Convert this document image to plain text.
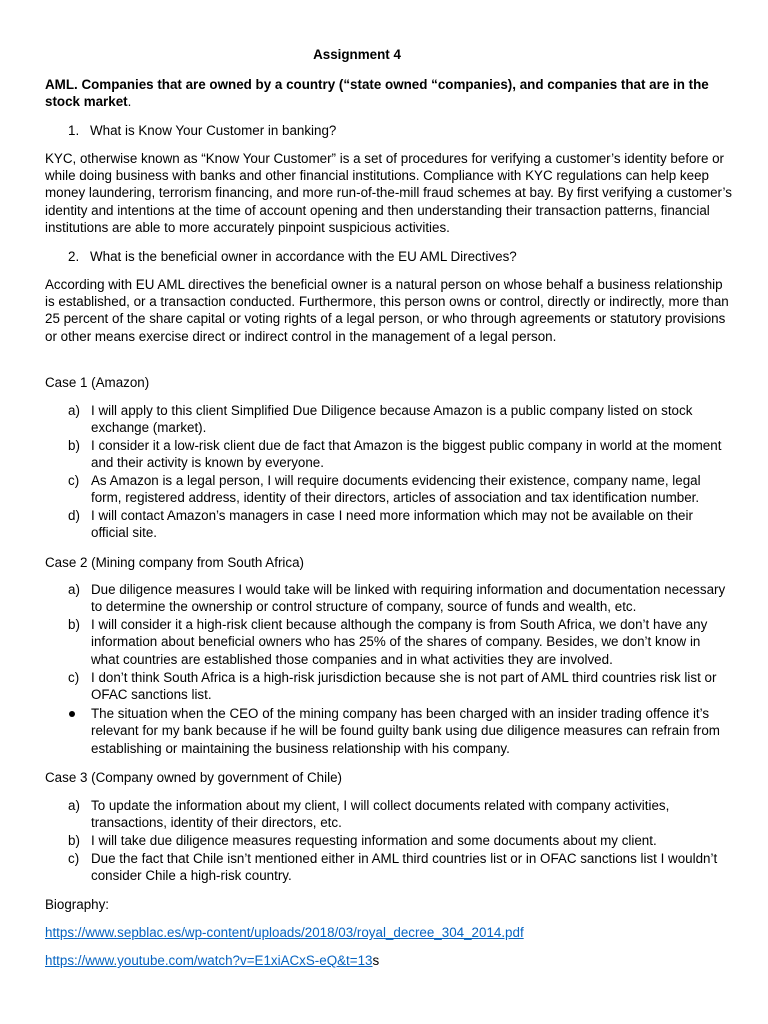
Assignment 4
AML. Companies that are owned by a country (“state owned “companies), and companies that are in the stock market.
1. What is Know Your Customer in banking?
KYC, otherwise known as “Know Your Customer” is a set of procedures for verifying a customer’s identity before or while doing business with banks and other financial institutions. Compliance with KYC regulations can help keep money laundering, terrorism financing, and more run-of-the-mill fraud schemes at bay. By first verifying a customer’s identity and intentions at the time of account opening and then understanding their transaction patterns, financial institutions are able to more accurately pinpoint suspicious activities.
2. What is the beneficial owner in accordance with the EU AML Directives?
According with EU AML directives the beneficial owner is a natural person on whose behalf a business relationship is established, or a transaction conducted. Furthermore, this person owns or control, directly or indirectly, more than 25 percent of the share capital or voting rights of a legal person, or who through agreements or statutory provisions or other means exercise direct or indirect control in the management of a legal person.
Case 1 (Amazon)
a) I will apply to this client Simplified Due Diligence because Amazon is a public company listed on stock exchange (market).
b) I consider it a low-risk client due de fact that Amazon is the biggest public company in world at the moment and their activity is known by everyone.
c) As Amazon is a legal person, I will require documents evidencing their existence, company name, legal form, registered address, identity of their directors, articles of association and tax identification number.
d) I will contact Amazon’s managers in case I need more information which may not be available on their official site.
Case 2 (Mining company from South Africa)
a) Due diligence measures I would take will be linked with requiring information and documentation necessary to determine the ownership or control structure of company, source of funds and wealth, etc.
b) I will consider it a high-risk client because although the company is from South Africa, we don’t have any information about beneficial owners who has 25% of the shares of company. Besides, we don’t know in what countries are established those companies and in what activities they are involved.
c) I don’t think South Africa is a high-risk jurisdiction because she is not part of AML third countries risk list or OFAC sanctions list.
The situation when the CEO of the mining company has been charged with an insider trading offence it’s relevant for my bank because if he will be found guilty bank using due diligence measures can refrain from establishing or maintaining the business relationship with his company.
Case 3 (Company owned by government of Chile)
a) To update the information about my client, I will collect documents related with company activities, transactions, identity of their directors, etc.
b) I will take due diligence measures requesting information and some documents about my client.
c) Due the fact that Chile isn’t mentioned either in AML third countries list or in OFAC sanctions list I wouldn’t consider Chile a high-risk country.
Biography:
https://www.sepblac.es/wp-content/uploads/2018/03/royal_decree_304_2014.pdf
https://www.youtube.com/watch?v=E1xiACxS-eQ&t=13s
